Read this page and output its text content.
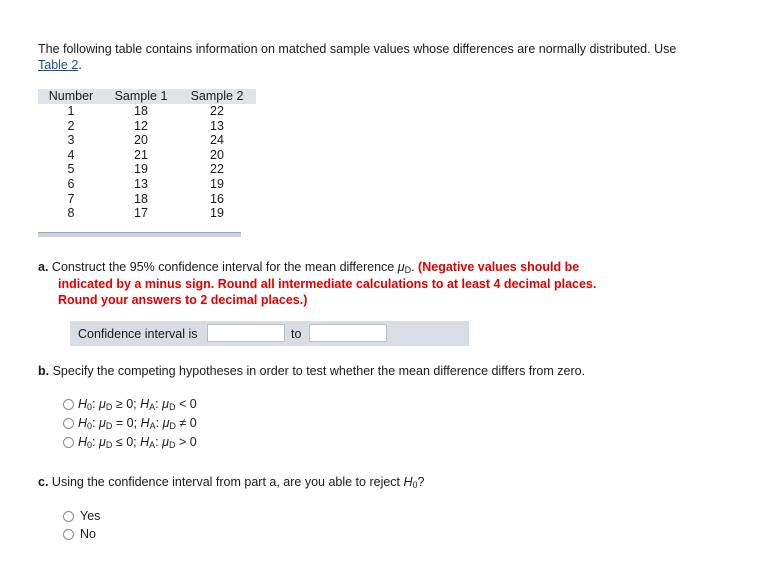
The following table contains information on matched sample values whose differences are normally distributed. Use Table 2.
Number	Sample 1	Sample 2
1	18	22
2	12	13
3	20	24
4	21	20
5	19	22
6	13	19
7	18	16
8	17	19
a. Construct the 95% confidence interval for the mean difference $\mu_D$. (Negative values should be
indicated by a minus sign. Round all intermediate calculations to at least 4 decimal places.
Round your answers to 2 decimal places.)
Confidence interval is	to
b. Specify the competing hypotheses in order to test whether the mean difference differs from zero.
$H_0$: $\mu_D \ge 0$; $H_A$: $\mu_D < 0$
$H_0$: $\mu_D = 0$; $H_A$: $\mu_D \ne 0$
$H_0$: $\mu_D \le 0$; $H_A$: $\mu_D > 0$
c. Using the confidence interval from part a, are you able to reject $H_0$?
Yes
No
